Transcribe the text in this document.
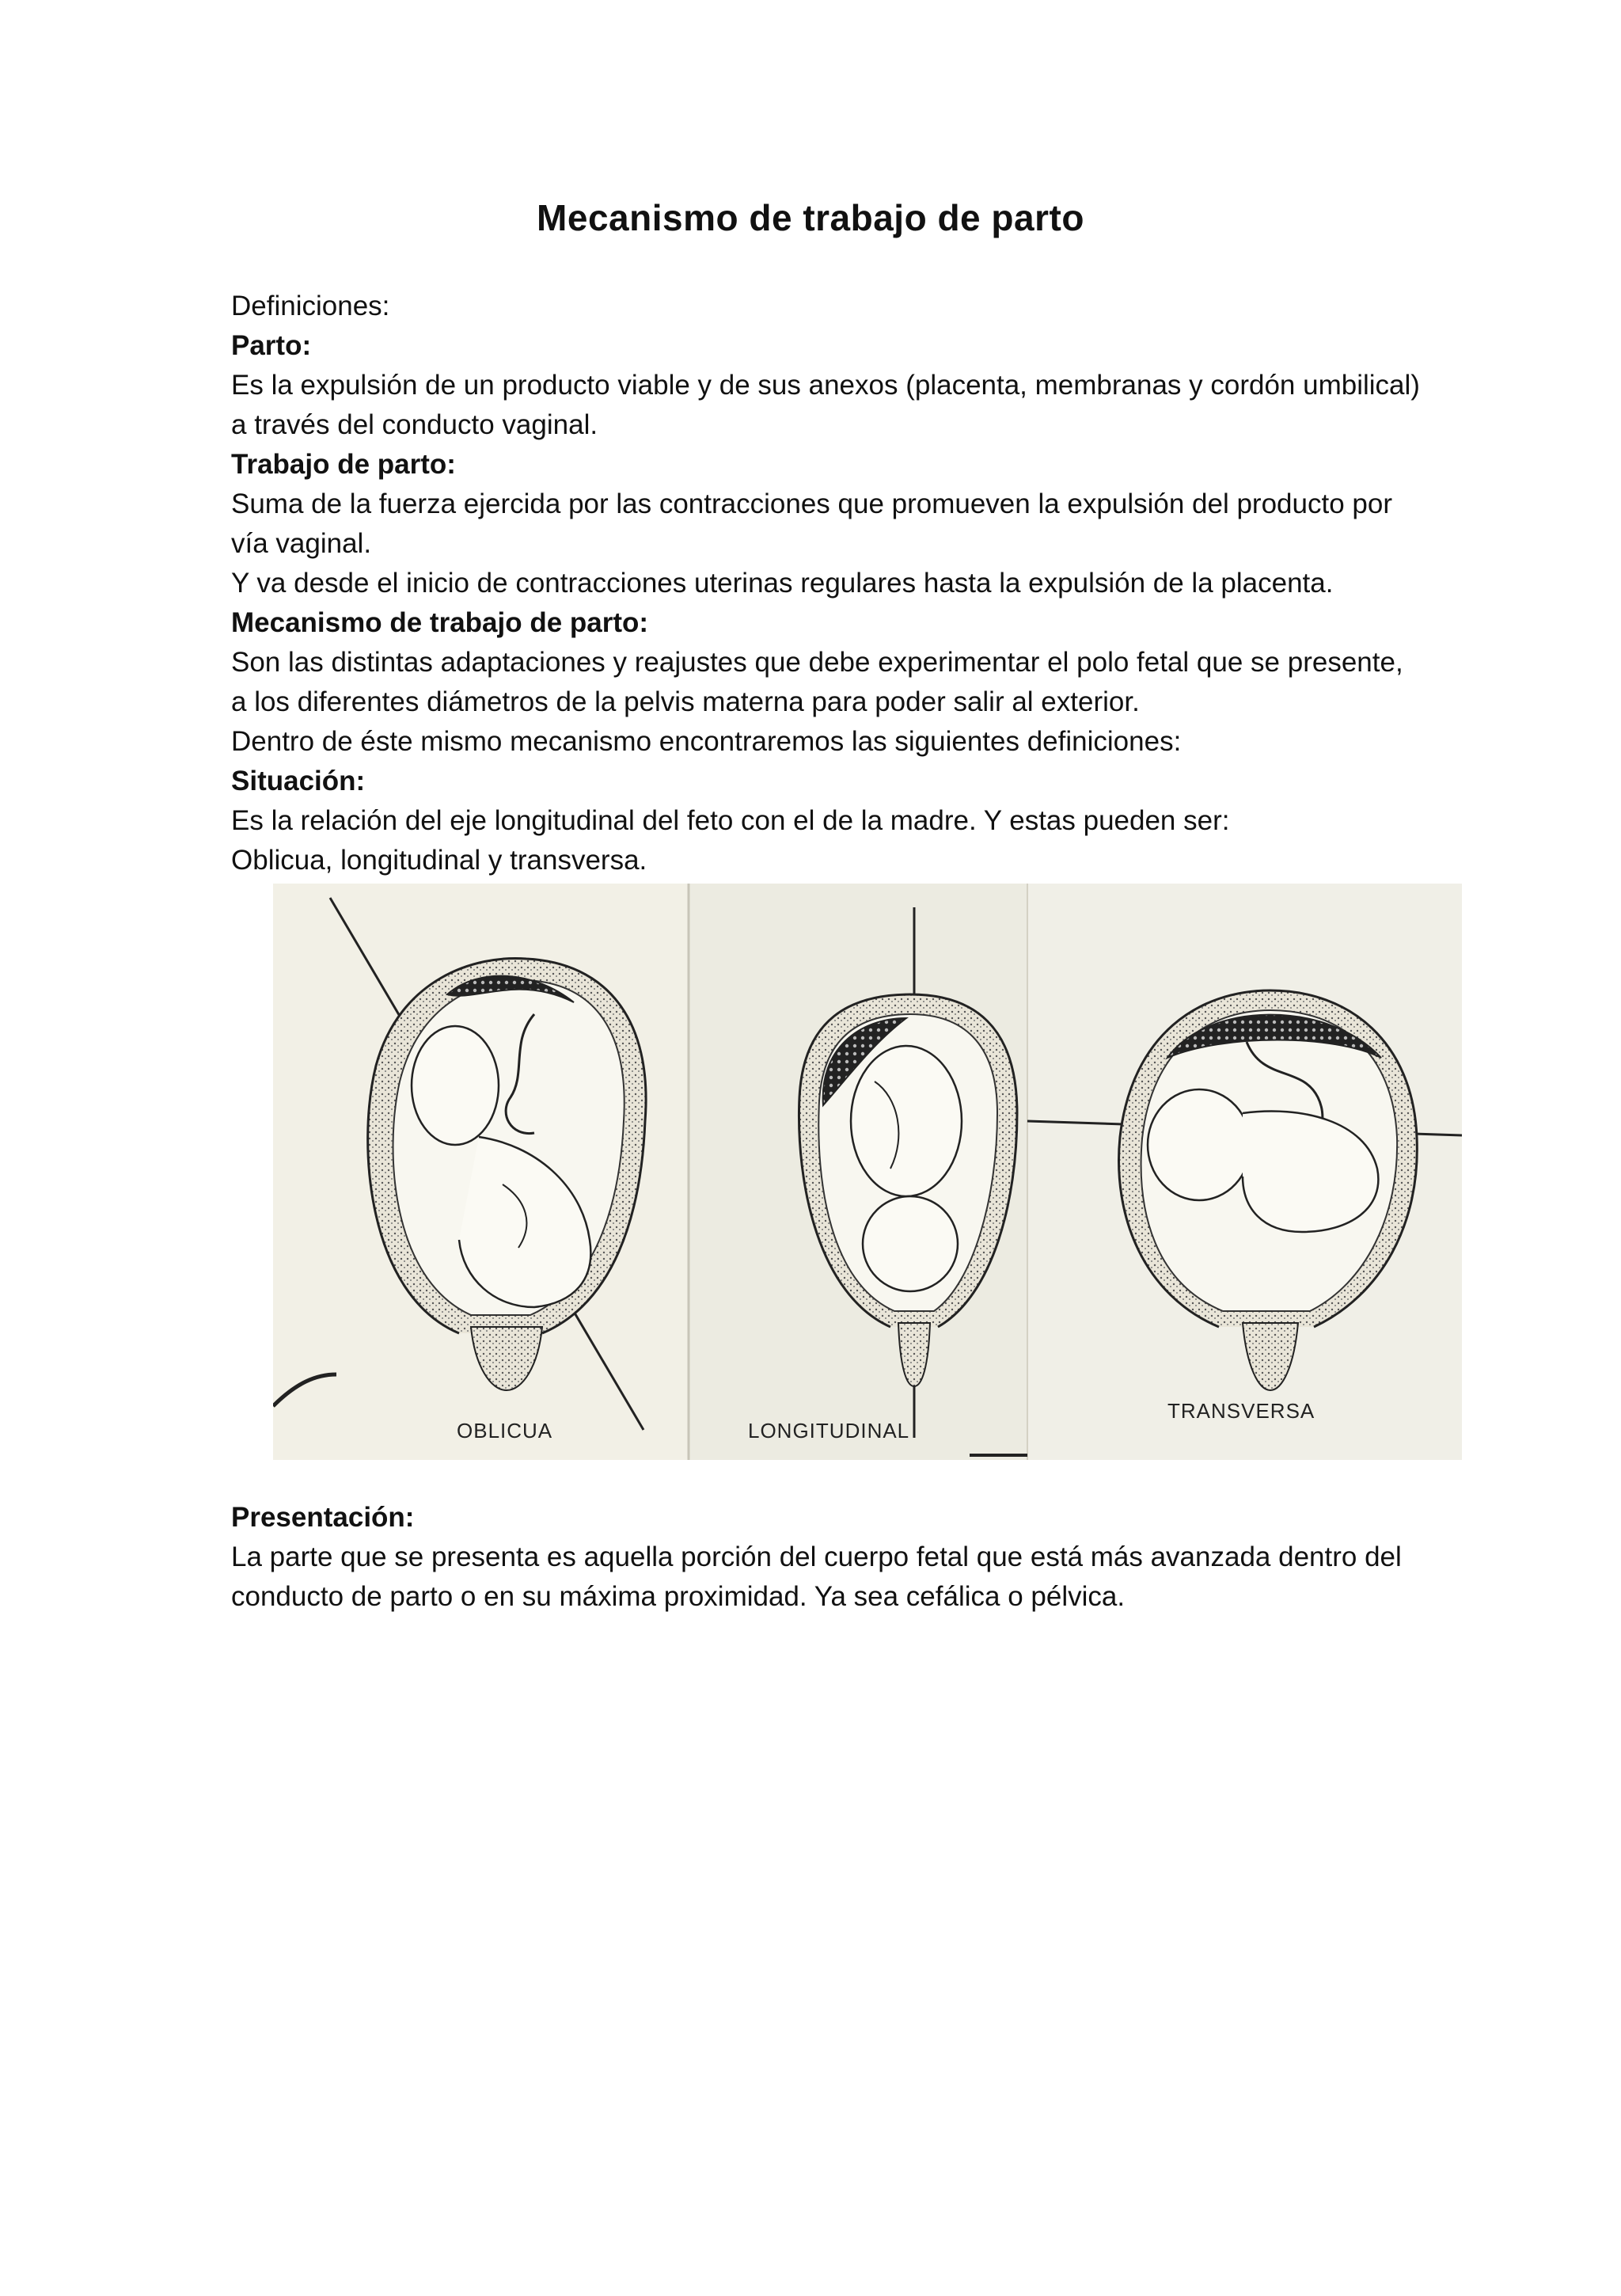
Mecanismo de trabajo de parto

Definiciones:

Parto:

Es la expulsión de un producto viable y de sus anexos (placenta, membranas y cordón umbilical)

a través del conducto vaginal.

Trabajo de parto:

Suma de la fuerza ejercida por las contracciones que promueven la expulsión del producto por

vía vaginal.

Y va desde el inicio de contracciones uterinas regulares hasta la expulsión de la placenta.

Mecanismo de trabajo de parto:

Son las distintas adaptaciones y reajustes que debe experimentar el polo fetal que se presente,

a los diferentes diámetros de la pelvis materna para poder salir al exterior.

Dentro de éste mismo mecanismo encontraremos las siguientes definiciones:

Situación:

Es la relación del eje longitudinal del feto con el de la madre. Y estas pueden ser:

Oblicua, longitudinal y transversa.

OBLICUA	LONGITUDINAL
TRANSVERSA

Presentación:

La parte que se presenta es aquella porción del cuerpo fetal que está más avanzada dentro del

conducto de parto o en su máxima proximidad. Ya sea cefálica o pélvica.
